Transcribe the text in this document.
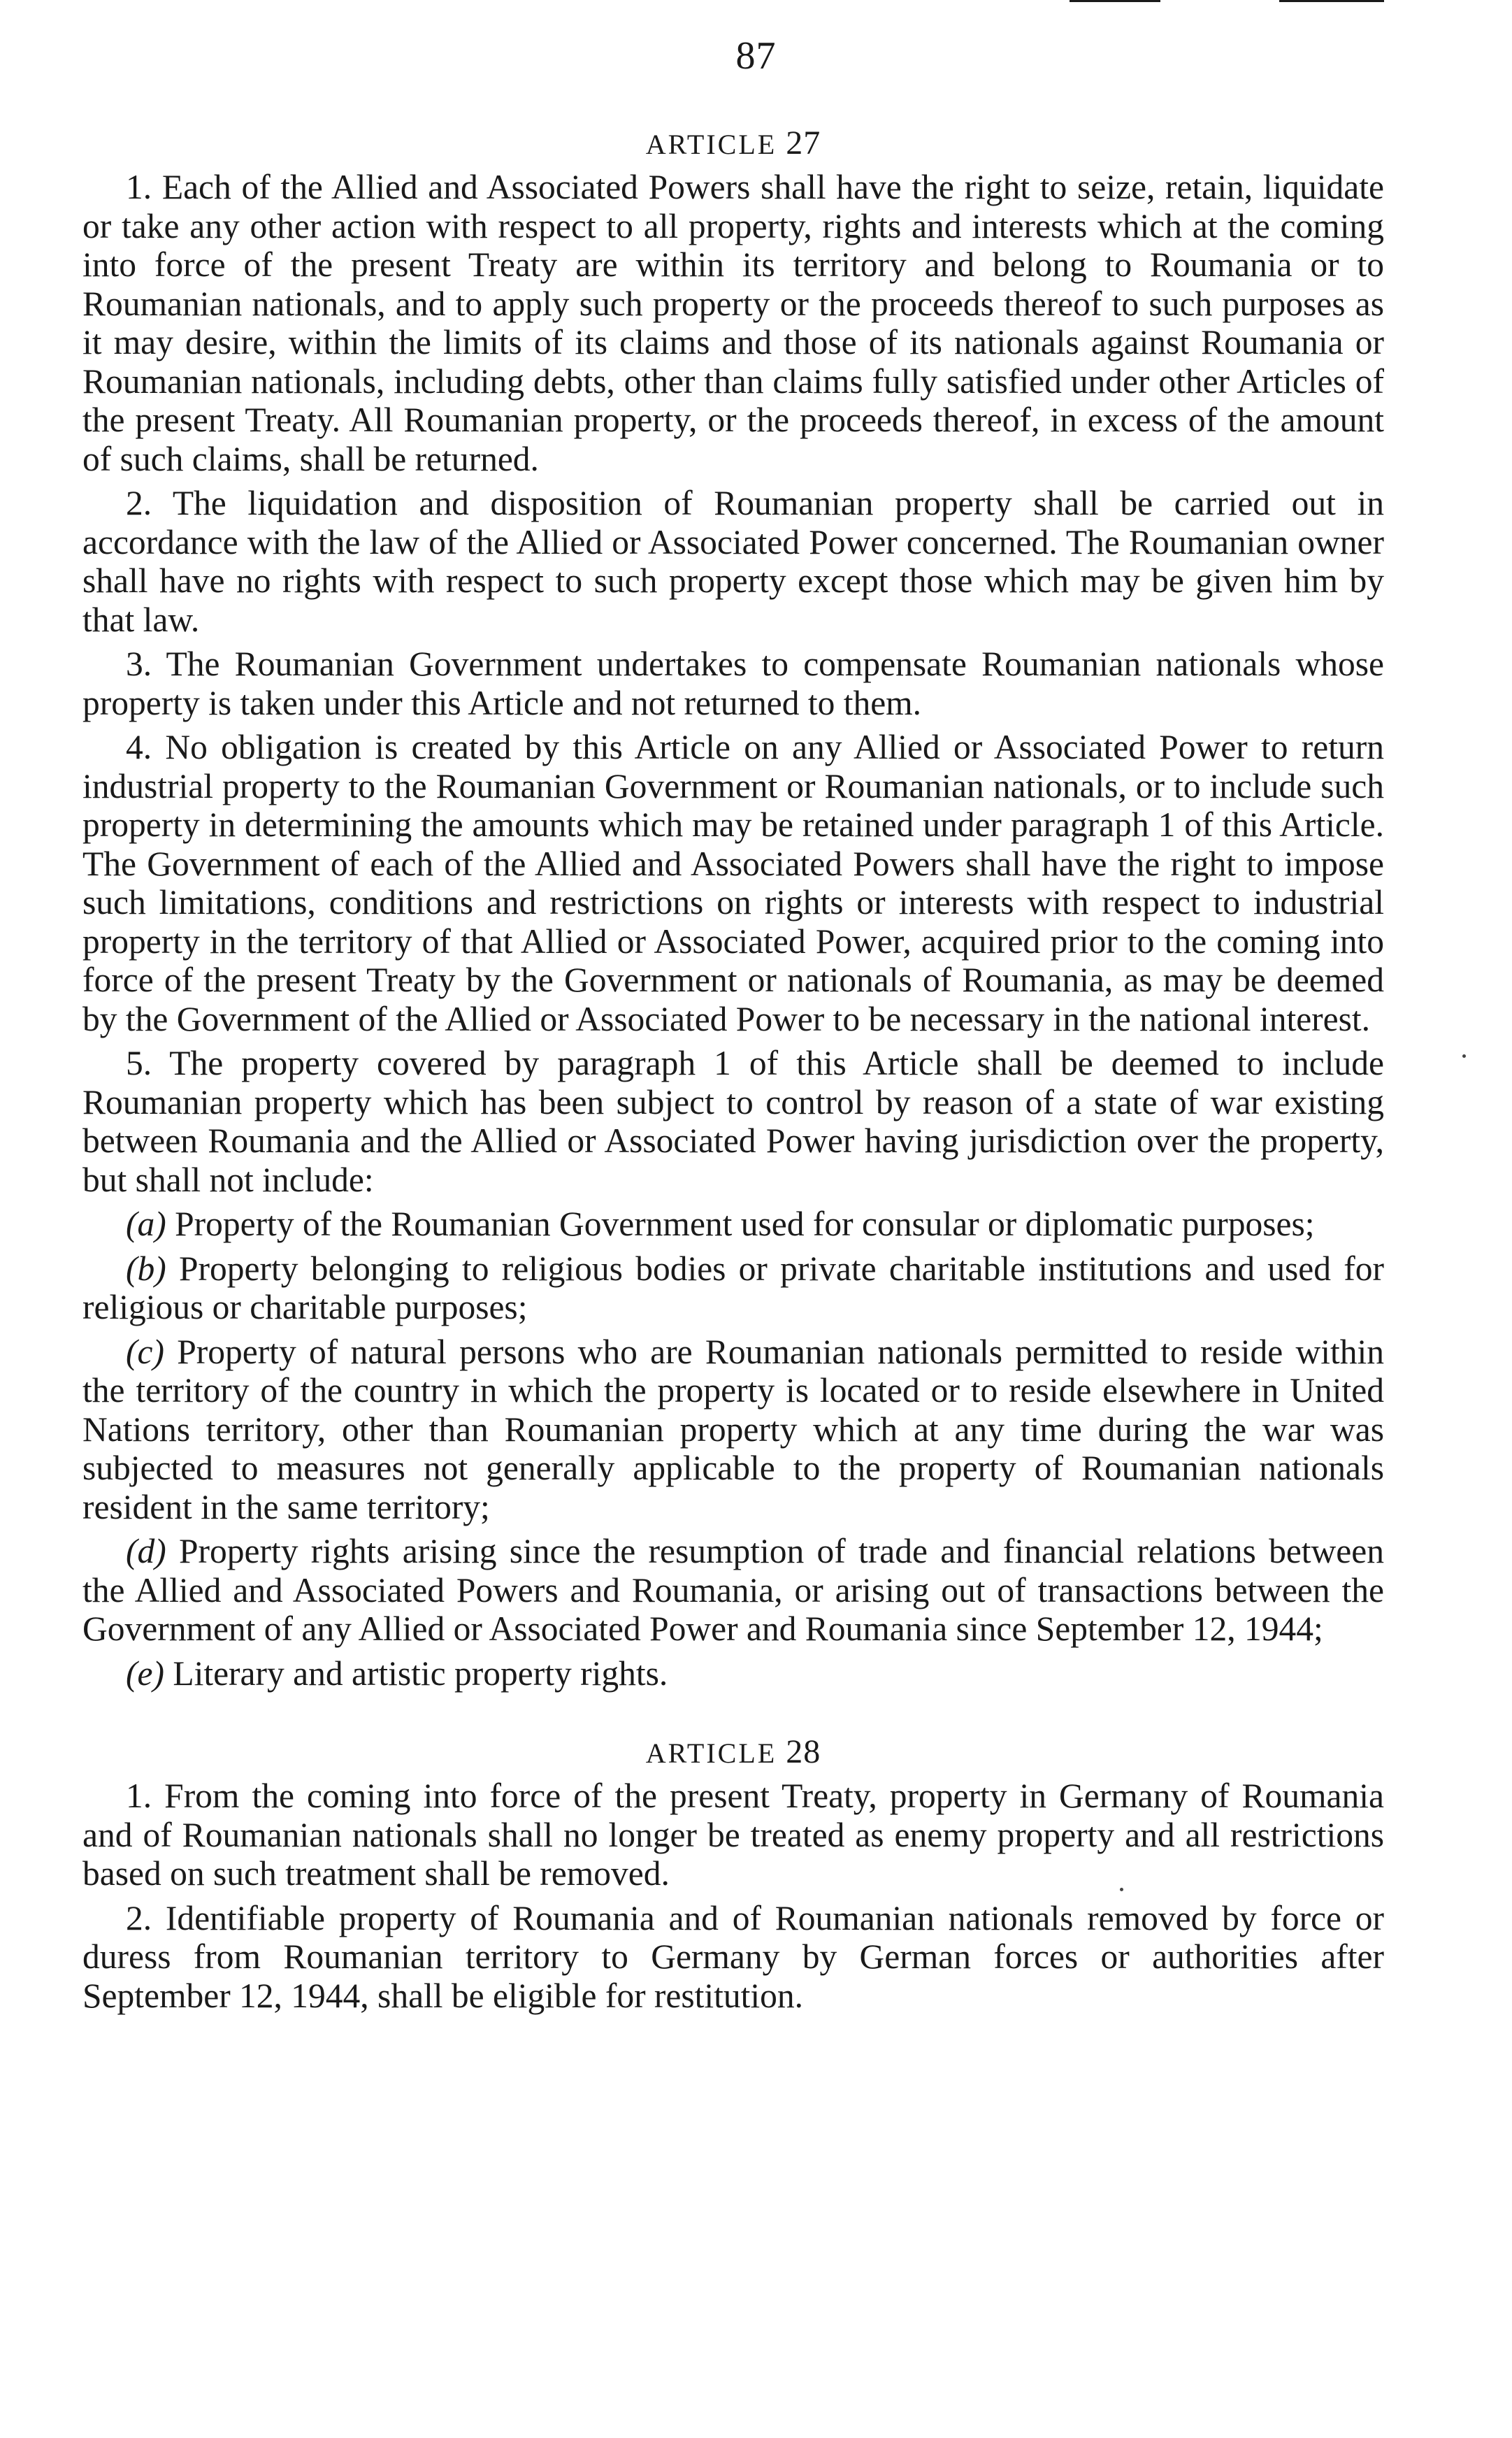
87
ARTICLE 27

1. Each of the Allied and Associated Powers shall have the right to seize, retain, liquidate or take any other action with respect to all property, rights and interests which at the coming into force of the present Treaty are within its territory and belong to Roumania or to Roumanian nationals, and to apply such property or the proceeds thereof to such purposes as it may desire, within the limits of its claims and those of its nationals against Roumania or Roumanian nationals, including debts, other than claims fully satisfied under other Articles of the present Treaty. All Roumanian property, or the proceeds thereof, in excess of the amount of such claims, shall be returned.

2. The liquidation and disposition of Roumanian property shall be carried out in accordance with the law of the Allied or Associated Power concerned. The Roumanian owner shall have no rights with respect to such property except those which may be given him by that law.

3. The Roumanian Government undertakes to compensate Roumanian nationals whose property is taken under this Article and not returned to them.

4. No obligation is created by this Article on any Allied or Associated Power to return industrial property to the Roumanian Government or Roumanian nationals, or to include such property in determining the amounts which may be retained under paragraph 1 of this Article. The Government of each of the Allied and Associated Powers shall have the right to impose such limitations, conditions and restrictions on rights or interests with respect to industrial property in the territory of that Allied or Associated Power, acquired prior to the coming into force of the present Treaty by the Government or nationals of Roumania, as may be deemed by the Government of the Allied or Associated Power to be necessary in the national interest.

5. The property covered by paragraph 1 of this Article shall be deemed to include Roumanian property which has been subject to control by reason of a state of war existing between Roumania and the Allied or Associated Power having jurisdiction over the property, but shall not include:

(a) Property of the Roumanian Government used for consular or diplomatic purposes;

(b) Property belonging to religious bodies or private charitable institutions and used for religious or charitable purposes;

(c) Property of natural persons who are Roumanian nationals permitted to reside within the territory of the country in which the property is located or to reside elsewhere in United Nations territory, other than Roumanian property which at any time during the war was subjected to measures not generally applicable to the property of Roumanian nationals resident in the same territory;

(d) Property rights arising since the resumption of trade and financial relations between the Allied and Associated Powers and Roumania, or arising out of transactions between the Government of any Allied or Associated Power and Roumania since September 12, 1944;

(e) Literary and artistic property rights.

ARTICLE 28

1. From the coming into force of the present Treaty, property in Germany of Roumania and of Roumanian nationals shall no longer be treated as enemy property and all restrictions based on such treatment shall be removed.

2. Identifiable property of Roumania and of Roumanian nationals removed by force or duress from Roumanian territory to Germany by German forces or authorities after September 12, 1944, shall be eligible for restitution.
